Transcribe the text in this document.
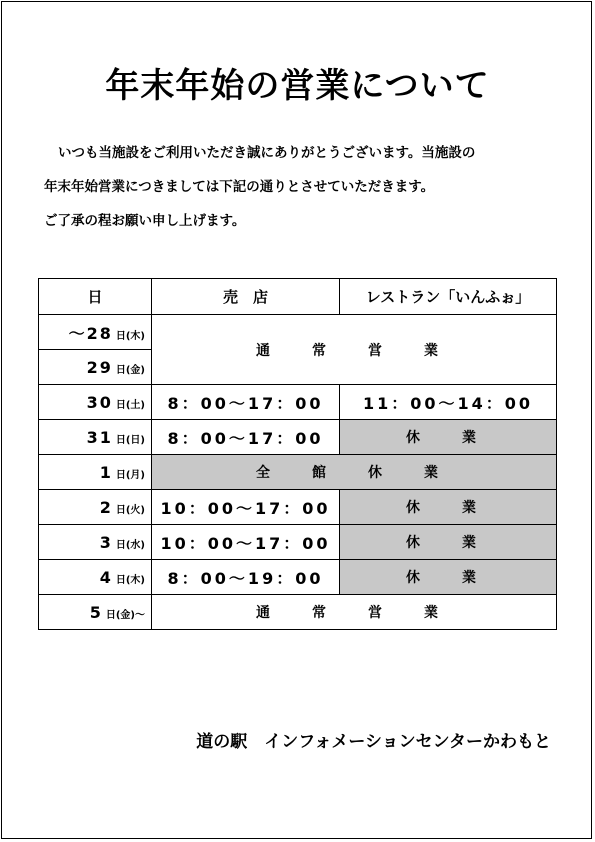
年末年始の営業について
いつも当施設をご利用いただき誠にありがとうございます。当施設の
年末年始営業につきましては下記の通りとさせていただきます。
ご了承の程お願い申し上げます。
日	売　店	レストラン「いんふぉ」
～28 日(木)	通　常　営　業	
29 日(金)		
30 日(土)	8：00～17：00	11：00～14：00
31 日(日)	8：00～17：00	休　業
1 日(月)	全　館　休　業	
2 日(火)	10：00～17：00	休　業
3 日(水)	10：00～17：00	休　業
4 日(木)	8：00～19：00	休　業
5 日(金)～	通　常　営　業	
道の駅　インフォメーションセンターかわもと
